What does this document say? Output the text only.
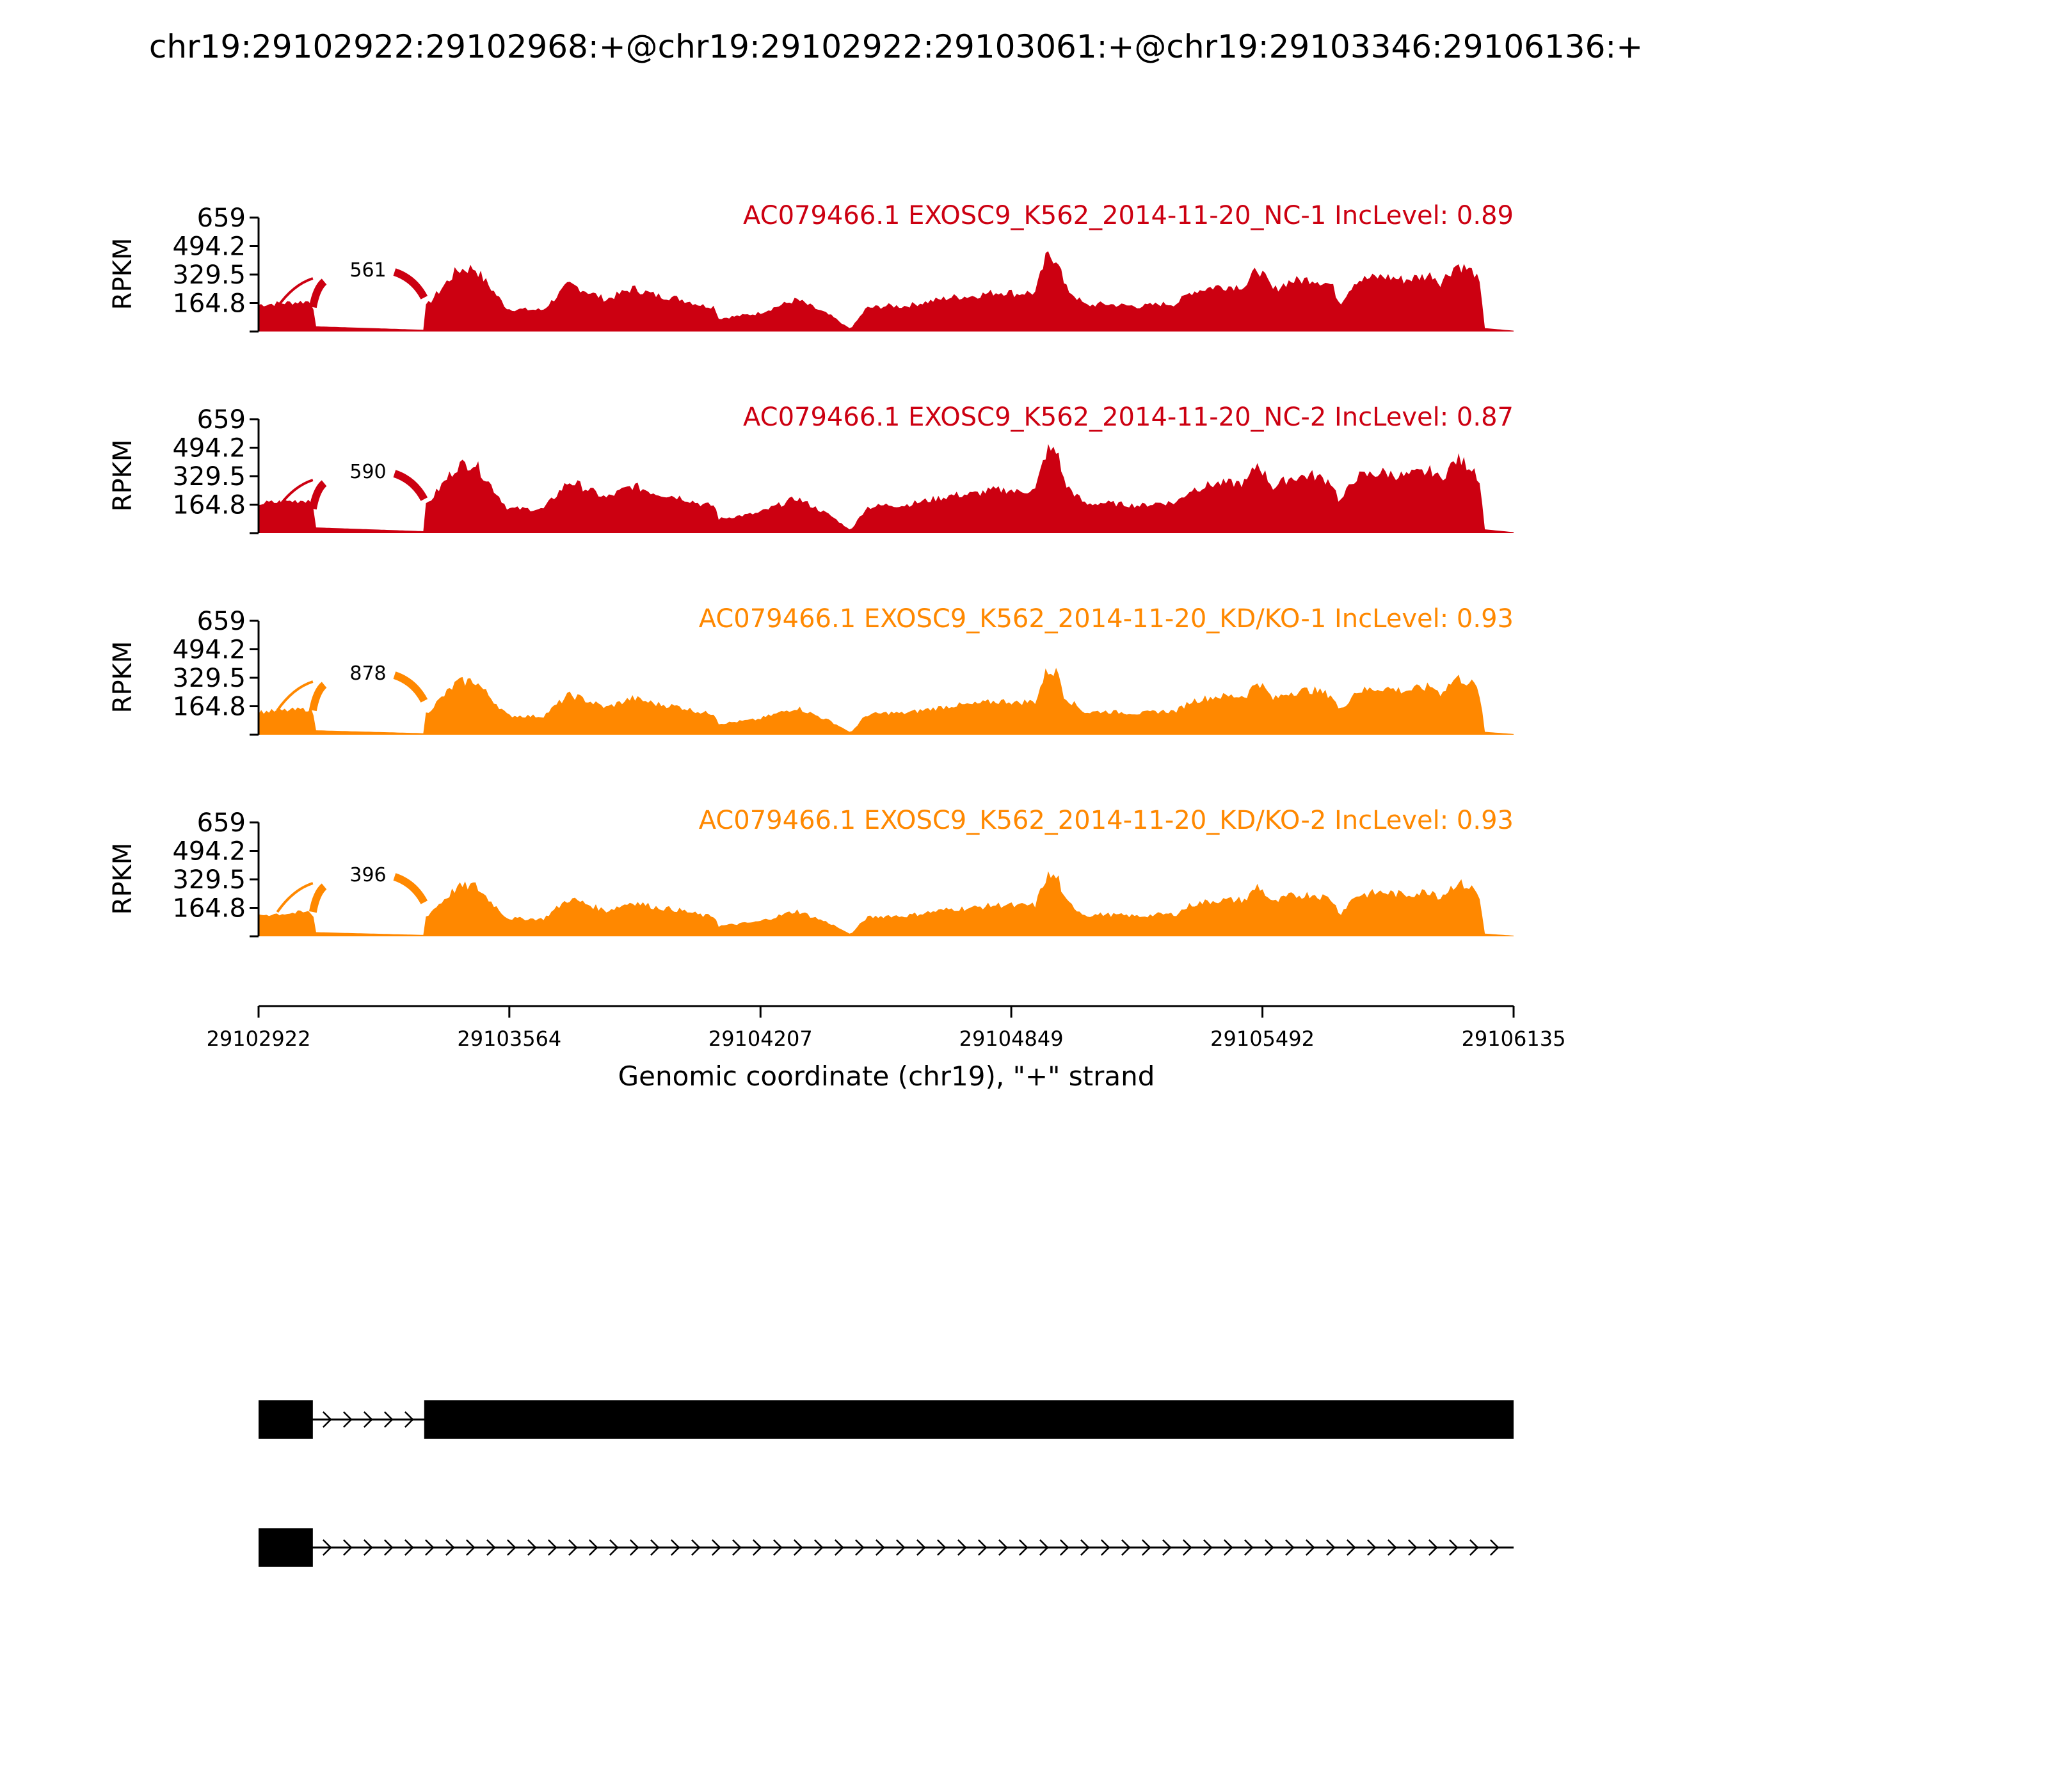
chr19:29102922:29102968:+@chr19:29102922:29103061:+@chr19:29103346:29106136:+
561
164.8
329.5
494.2
659
RPKM
AC079466.1 EXOSC9_K562_2014-11-20_NC-1 IncLevel: 0.89
590
164.8
329.5
494.2
659
RPKM
AC079466.1 EXOSC9_K562_2014-11-20_NC-2 IncLevel: 0.87
878
164.8
329.5
494.2
659
RPKM
AC079466.1 EXOSC9_K562_2014-11-20_KD/KO-1 IncLevel: 0.93
396
164.8
329.5
494.2
659
RPKM
AC079466.1 EXOSC9_K562_2014-11-20_KD/KO-2 IncLevel: 0.93
29102922	29103564	29104207	29104849	29105492	29106135
Genomic coordinate (chr19), "+" strand
